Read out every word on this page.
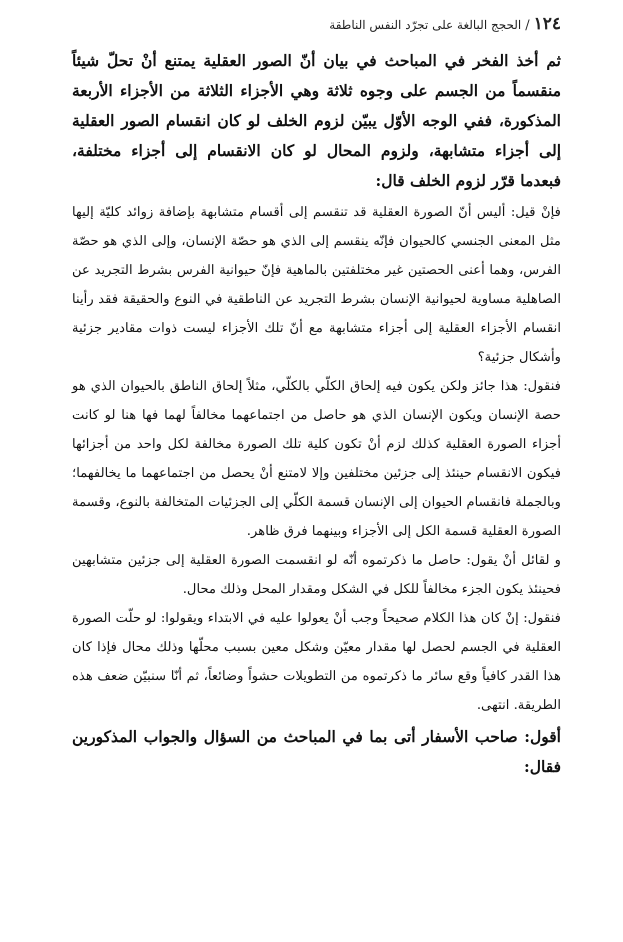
١٢٤/الحجج البالغة على تجرّد النفس الناطقة

ثم أخذ الفخر في المباحث في بيان أنّ الصور العقلية يمتنع أنْ تحلّ شيئاً منقسماً من الجسم على وجوه ثلاثة وهي الأجزاء الثلاثة من الأجزاء الأربعة المذكورة، ففي الوجه الأوّل يبيّن لزوم الخلف لو كان انقسام الصور العقلية إلى أجزاء متشابهة، ولزوم المحال لو كان الانقسام إلى أجزاء مختلفة، فبعدما قرّر لزوم الخلف قال:

فإنْ قيل: أليس أنّ الصورة العقلية قد تنقسم إلى أقسام متشابهة بإضافة زوائد كليّة إليها مثل المعنى الجنسي كالحيوان فإنّه ينقسم إلى الذي هو حصّة الإنسان، وإلى الذي هو حصّة الفرس، وهما أعنى الحصتين غير مختلفتين بالماهية فإنّ حيوانية الفرس بشرط التجريد عن الصاهلية مساوية لحيوانية الإنسان بشرط التجريد عن الناطقية في النوع والحقيقة فقد رأينا انقسام الأجزاء العقلية إلى أجزاء متشابهة مع أنّ تلك الأجزاء ليست ذوات مقادير جزئية وأشكال جزئية؟

فنقول: هذا جائز ولكن يكون فيه إلحاق الكلّي بالكلّي، مثلاً إلحاق الناطق بالحيوان الذي هو حصة الإنسان ويكون الإنسان الذي هو حاصل من اجتماعهما مخالفاً لهما فها هنا لو كانت أجزاء الصورة العقلية كذلك لزم أنْ تكون كلية تلك الصورة مخالفة لكل واحد من أجزائها فيكون الانقسام حينئذ إلى جزئين مختلفين وإلا لامتنع أنْ يحصل من اجتماعهما ما يخالفهما؛ وبالجملة فانقسام الحيوان إلى الإنسان قسمة الكلّي إلى الجزئيات المتخالفة بالنوع، وقسمة الصورة العقلية قسمة الكل إلى الأجزاء وبينهما فرق ظاهر.

و لقائل أنْ يقول: حاصل ما ذكرتموه أنّه لو انقسمت الصورة العقلية إلى جزئين متشابهين فحينئذ يكون الجزء مخالفاً للكل في الشكل ومقدار المحل وذلك محال.

فنقول: إنْ كان هذا الكلام صحيحاً وجب أنْ يعولوا عليه في الابتداء ويقولوا: لو حلّت الصورة العقلية في الجسم لحصل لها مقدار معيّن وشكل معين بسبب محلّها وذلك محال فإذا كان هذا القدر كافياً وقع سائر ما ذكرتموه من التطويلات حشواً وضائعاً، ثم أنّا سنبيّن ضعف هذه الطريقة. انتهى.

أقول: صاحب الأسفار أتى بما في المباحث من السؤال والجواب المذكورين فقال:
